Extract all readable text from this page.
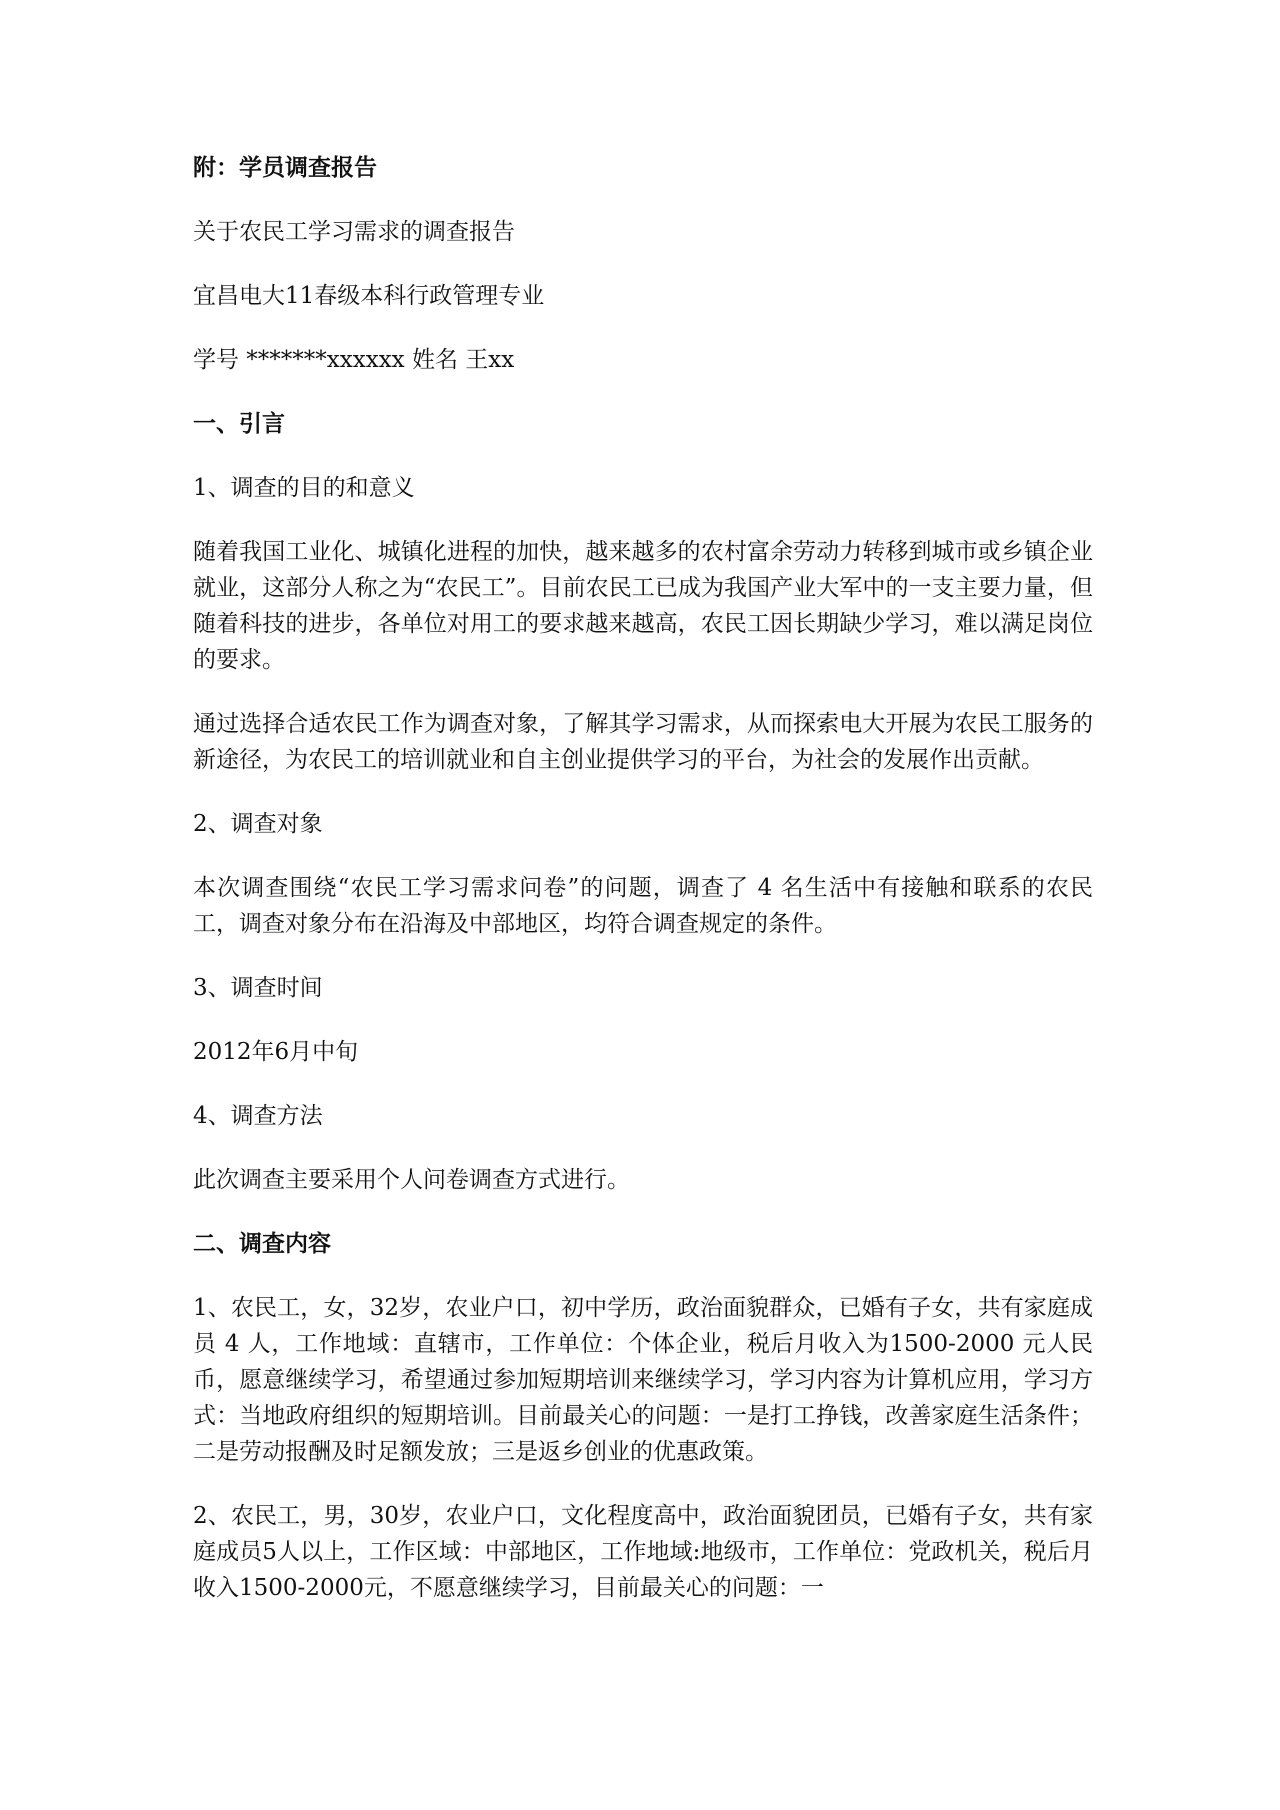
附：学员调查报告

关于农民工学习需求的调查报告

宜昌电大11春级本科行政管理专业

学号 *******xxxxxx 姓名 王xx

一、引言

1、调查的目的和意义

随着我国工业化、城镇化进程的加快，越来越多的农村富余劳动力转移到城市或乡镇企业就业，这部分人称之为“农民工”。目前农民工已成为我国产业大军中的一支主要力量，但随着科技的进步，各单位对用工的要求越来越高，农民工因长期缺少学习，难以满足岗位的要求。

通过选择合适农民工作为调查对象，了解其学习需求，从而探索电大开展为农民工服务的新途径，为农民工的培训就业和自主创业提供学习的平台，为社会的发展作出贡献。

2、调查对象

本次调查围绕“农民工学习需求问卷”的问题，调查了 4 名生活中有接触和联系的农民工，调查对象分布在沿海及中部地区，均符合调查规定的条件。

3、调查时间

2012年6月中旬

4、调查方法

此次调查主要采用个人问卷调查方式进行。

二、调查内容

1、农民工，女，32岁，农业户口，初中学历，政治面貌群众，已婚有子女，共有家庭成员 4 人，工作地域：直辖市，工作单位：个体企业，税后月收入为1500-2000 元人民币，愿意继续学习，希望通过参加短期培训来继续学习，学习内容为计算机应用，学习方式：当地政府组织的短期培训。目前最关心的问题：一是打工挣钱，改善家庭生活条件；二是劳动报酬及时足额发放；三是返乡创业的优惠政策。

2、农民工，男，30岁，农业户口，文化程度高中，政治面貌团员，已婚有子女，共有家庭成员5人以上，工作区域：中部地区，工作地域:地级市，工作单位：党政机关，税后月收入1500-2000元，不愿意继续学习，目前最关心的问题：一
